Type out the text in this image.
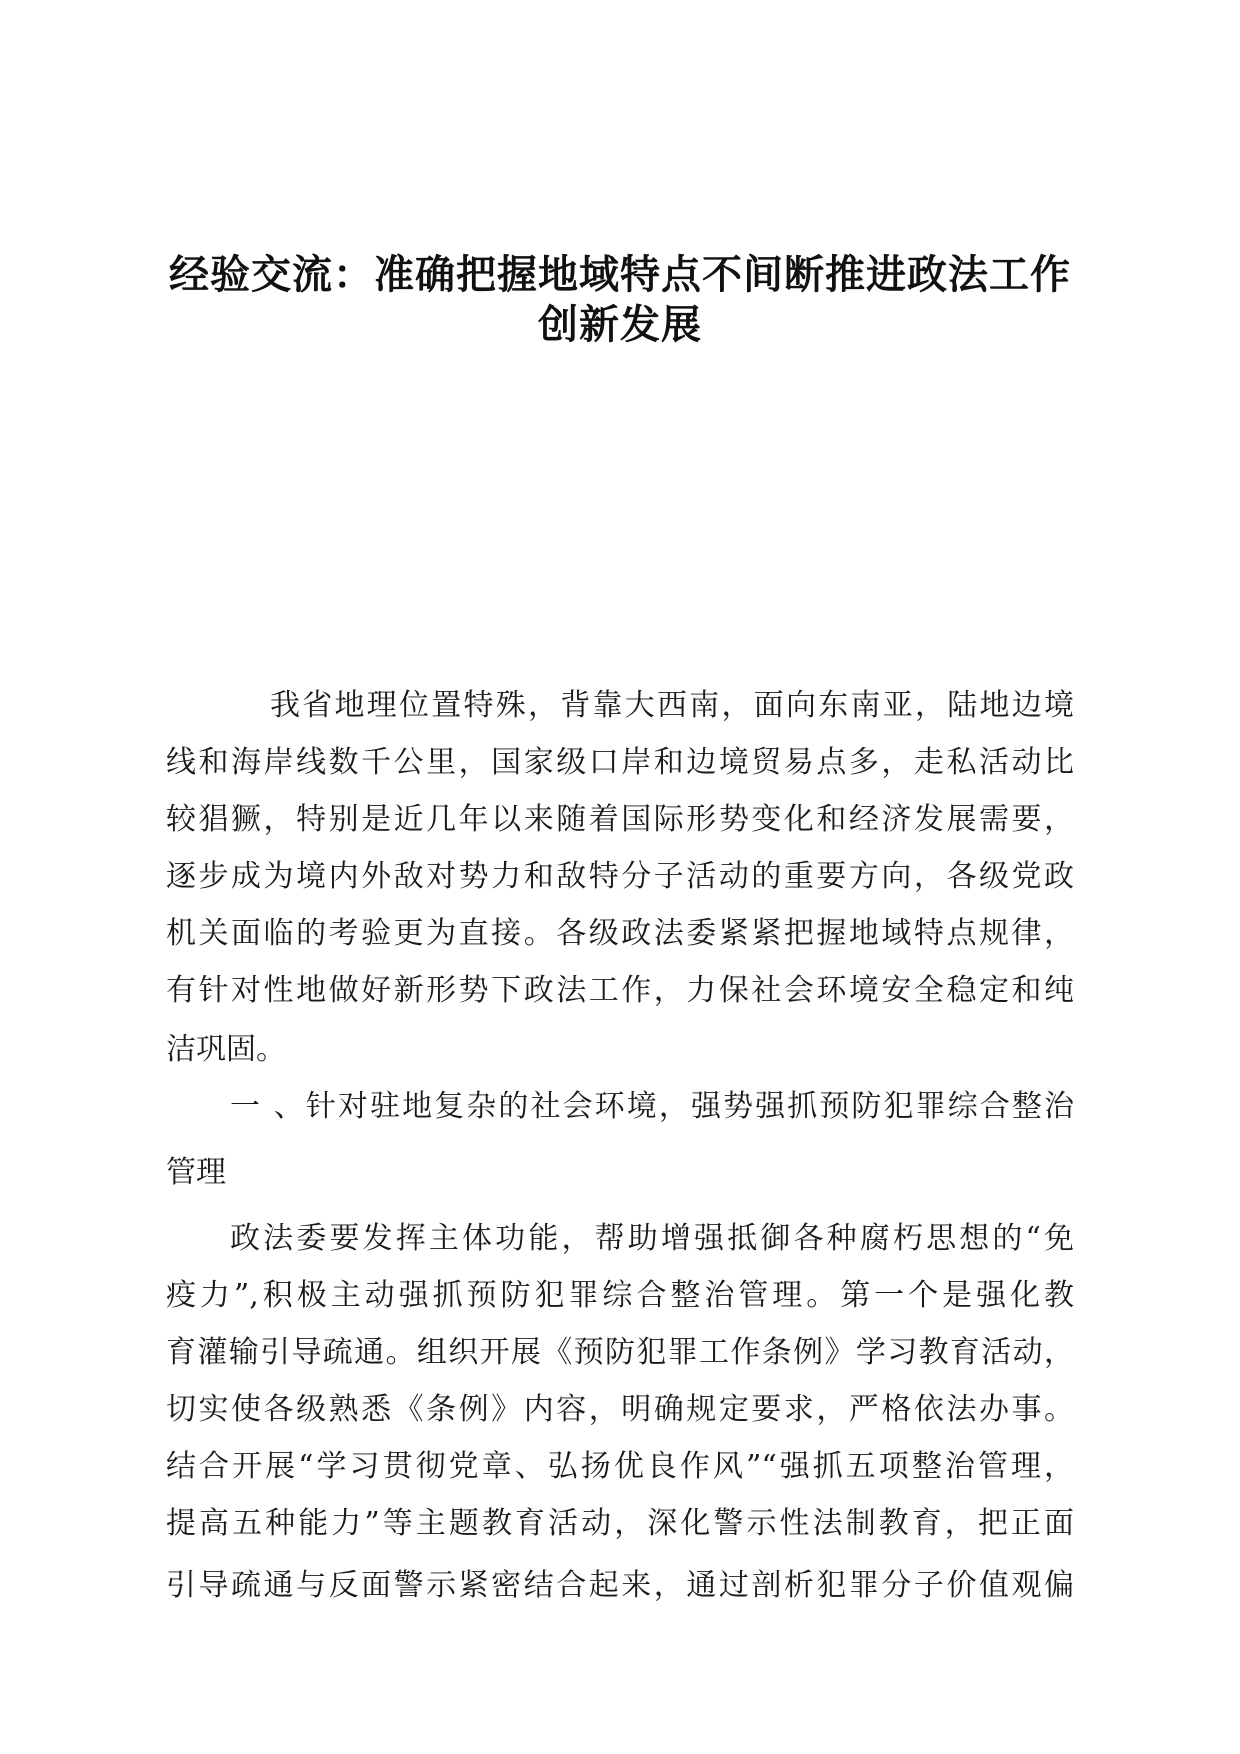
经验交流：准确把握地域特点不间断推进政法工作
创新发展

我省地理位置特殊，背靠大西南，面向东南亚，陆地边境

线和海岸线数千公里，国家级口岸和边境贸易点多，走私活动比

较猖獗，特别是近几年以来随着国际形势变化和经济发展需要，

逐步成为境内外敌对势力和敌特分子活动的重要方向，各级党政

机关面临的考验更为直接。各级政法委紧紧把握地域特点规律，

有针对性地做好新形势下政法工作，力保社会环境安全稳定和纯

洁巩固。

一 、针对驻地复杂的社会环境，强势强抓预防犯罪综合整治

管理

政法委要发挥主体功能，帮助增强抵御各种腐朽思想的“免

疫力”,积极主动强抓预防犯罪综合整治管理。第一个是强化教

育灌输引导疏通。组织开展《预防犯罪工作条例》学习教育活动，

切实使各级熟悉《条例》内容，明确规定要求，严格依法办事。

结合开展“学习贯彻党章、弘扬优良作风”“强抓五项整治管理，

提高五种能力”等主题教育活动，深化警示性法制教育，把正面

引导疏通与反面警示紧密结合起来，通过剖析犯罪分子价值观偏
